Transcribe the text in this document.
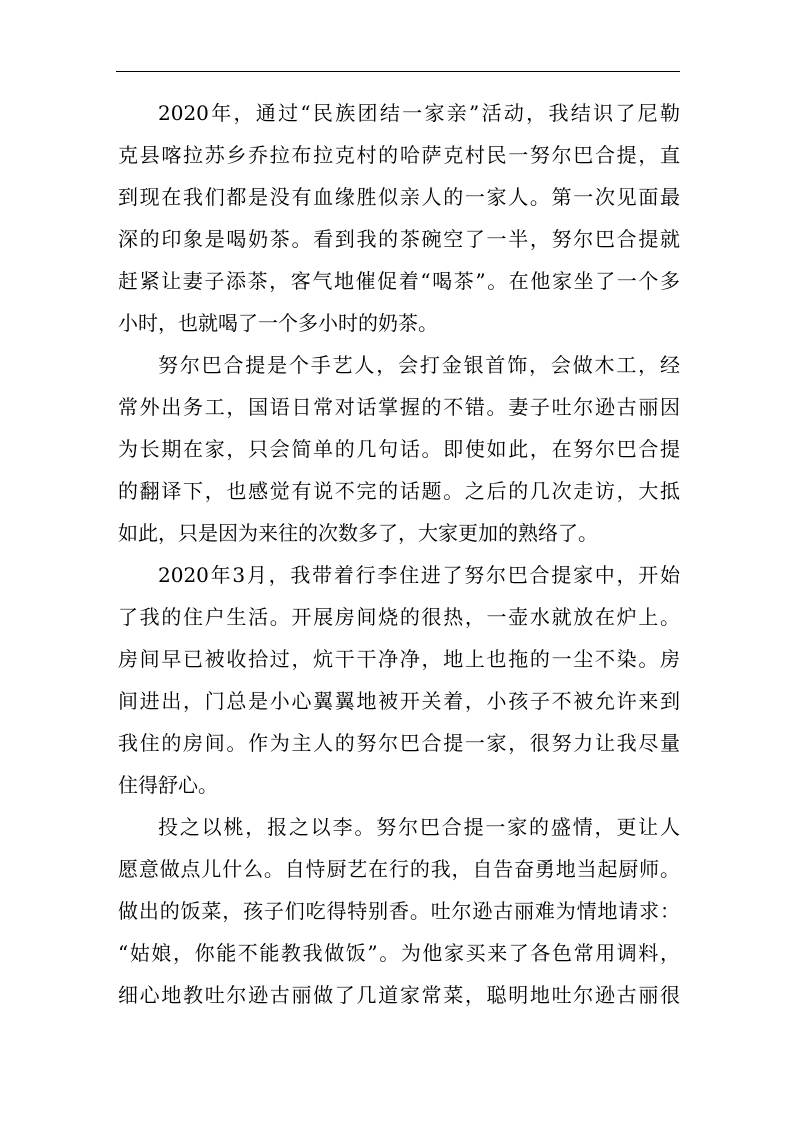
2020年，通过“民族团结一家亲”活动，我结识了尼勒
克县喀拉苏乡乔拉布拉克村的哈萨克村民一努尔巴合提，直
到现在我们都是没有血缘胜似亲人的一家人。第一次见面最
深的印象是喝奶茶。看到我的茶碗空了一半，努尔巴合提就
赶紧让妻子添茶，客气地催促着“喝茶”。在他家坐了一个多
小时，也就喝了一个多小时的奶茶。
努尔巴合提是个手艺人，会打金银首饰，会做木工，经
常外出务工，国语日常对话掌握的不错。妻子吐尔逊古丽因
为长期在家，只会简单的几句话。即使如此，在努尔巴合提
的翻译下，也感觉有说不完的话题。之后的几次走访，大抵
如此，只是因为来往的次数多了，大家更加的熟络了。
2020年3月，我带着行李住进了努尔巴合提家中，开始
了我的住户生活。开展房间烧的很热，一壶水就放在炉上。
房间早已被收拾过，炕干干净净，地上也拖的一尘不染。房
间进出，门总是小心翼翼地被开关着，小孩子不被允许来到
我住的房间。作为主人的努尔巴合提一家，很努力让我尽量
住得舒心。
投之以桃，报之以李。努尔巴合提一家的盛情，更让人
愿意做点儿什么。自恃厨艺在行的我，自告奋勇地当起厨师。
做出的饭菜，孩子们吃得特别香。吐尔逊古丽难为情地请求：
“姑娘，你能不能教我做饭”。为他家买来了各色常用调料，
细心地教吐尔逊古丽做了几道家常菜，聪明地吐尔逊古丽很
